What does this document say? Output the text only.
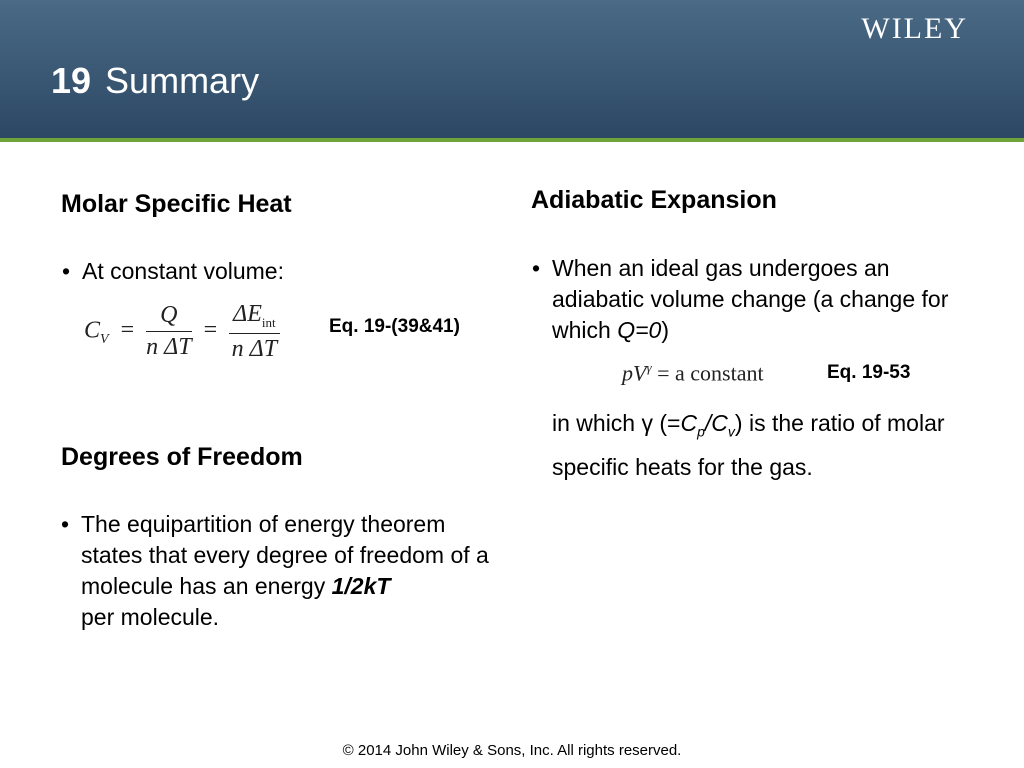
WILEY
19 Summary
Molar Specific Heat
• At constant volume:
$C_V = \frac{Q}{\text{n ΔT}} = \frac{\Delta E_{int}}{\text{n ΔT}}$	Eq. 19-(39&41)
Degrees of Freedom
• The equipartition of energy theorem states that every degree of freedom of a molecule has an energy 1/2kT
per molecule.
Adiabatic Expansion
• When an ideal gas undergoes an adiabatic volume change (a change for which Q=0)
$pV^\gamma = a$ constant	Eq. 19-53
in which γ $(=C_p/C_v)$ is the ratio of molar specific heats for the gas.
© 2014 John Wiley & Sons, Inc. All rights reserved.
